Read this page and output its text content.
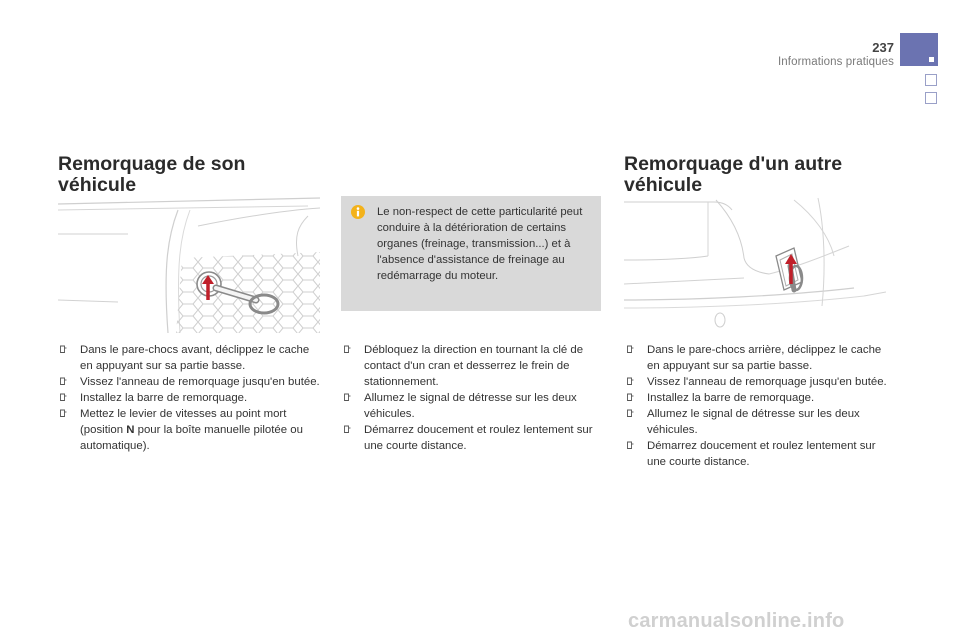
237
Informations pratiques
Remorquage de son
véhicule
Dans le pare-chocs avant, déclippez le cache en appuyant sur sa partie basse.
Vissez l'anneau de remorquage jusqu'en butée.
Installez la barre de remorquage.
Mettez le levier de vitesses au point mort (position N pour la boîte manuelle pilotée ou automatique).
Le non-respect de cette particularité peut conduire à la détérioration de certains organes (freinage, transmission...) et à l'absence d'assistance de freinage au redémarrage du moteur.
Débloquez la direction en tournant la clé de contact d'un cran et desserrez le frein de stationnement.
Allumez le signal de détresse sur les deux véhicules.
Démarrez doucement et roulez lentement sur une courte distance.
Remorquage d'un autre
véhicule
Dans le pare-chocs arrière, déclippez le cache en appuyant sur sa partie basse.
Vissez l'anneau de remorquage jusqu'en butée.
Installez la barre de remorquage.
Allumez le signal de détresse sur les deux véhicules.
Démarrez doucement et roulez lentement sur une courte distance.
carmanualsonline.info
